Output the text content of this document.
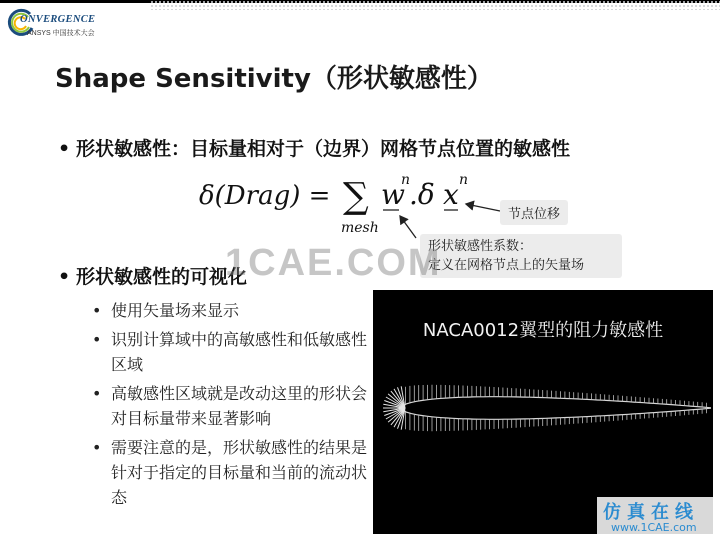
ONVERGENCE
ANSYS 中国技术大会
Shape Sensitivity（形状敏感性）
• 形状敏感性：目标量相对于（边界）网格节点位置的敏感性
δ(Drag) = ∑
mesh
w
n
.δ x n
节点位移
形状敏感性系数：
定义在网格节点上的矢量场
• 形状敏感性的可视化
• 使用矢量场来显示
• 识别计算域中的高敏感性和低敏感性区域
• 高敏感性区域就是改动这里的形状会对目标量带来显著影响
• 需要注意的是，形状敏感性的结果是针对于指定的目标量和当前的流动状态
NACA0012翼型的阻力敏感性
1CAE.COM
仿真在线
www.1CAE.com
